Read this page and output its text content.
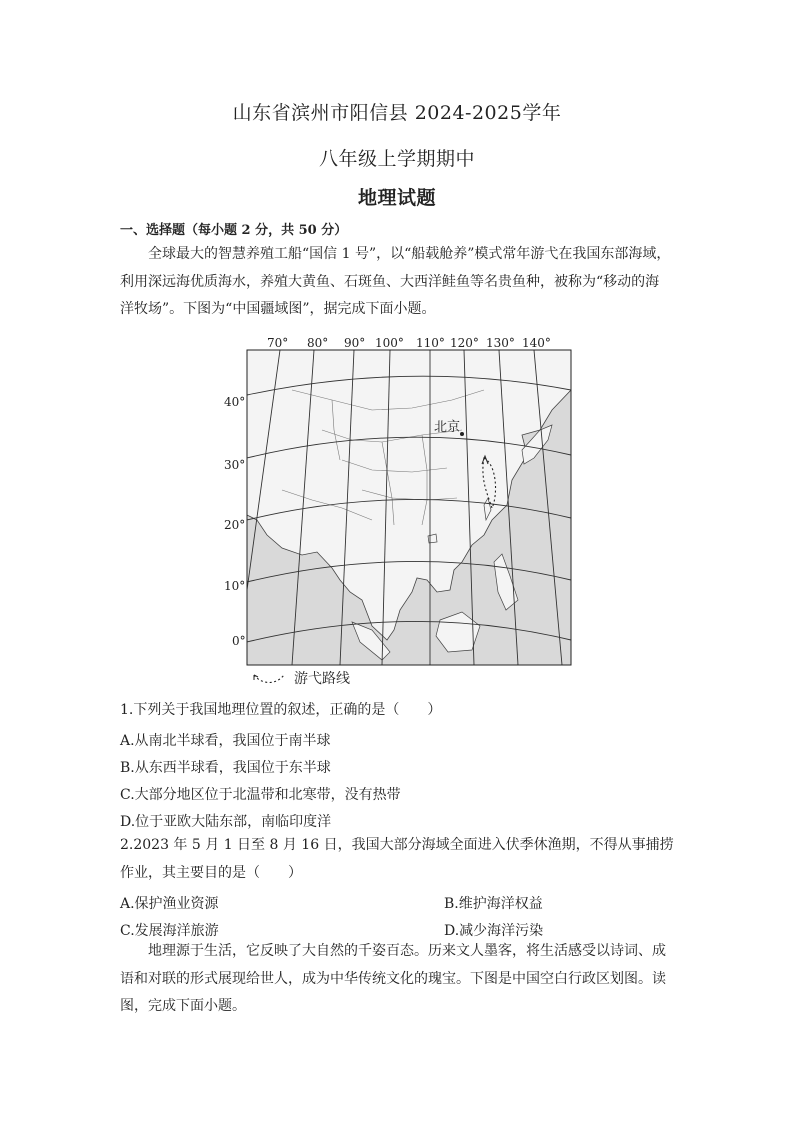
山东省滨州市阳信县 2024-2025学年
八年级上学期期中
地理试题
一、选择题（每小题 2 分，共 50 分）
全球最大的智慧养殖工船“国信 1 号”，以“船载舱养”模式常年游弋在我国东部海域，利用深远海优质海水，养殖大黄鱼、石斑鱼、大西洋鲑鱼等名贵鱼种，被称为“移动的海洋牧场”。下图为“中国疆域图”，据完成下面小题。
70° 80° 90° 100° 110° 120° 130° 140°
40°
30°
20°
10°
0°
北京
游弋路线
1.下列关于我国地理位置的叙述，正确的是（　　）
A.从南北半球看，我国位于南半球
B.从东西半球看，我国位于东半球
C.大部分地区位于北温带和北寒带，没有热带
D.位于亚欧大陆东部，南临印度洋
2.2023 年 5 月 1 日至 8 月 16 日，我国大部分海域全面进入伏季休渔期，不得从事捕捞作业，其主要目的是（　　）
A.保护渔业资源	B.维护海洋权益
C.发展海洋旅游	D.减少海洋污染
地理源于生活，它反映了大自然的千姿百态。历来文人墨客，将生活感受以诗词、成语和对联的形式展现给世人，成为中华传统文化的瑰宝。下图是中国空白行政区划图。读图，完成下面小题。
